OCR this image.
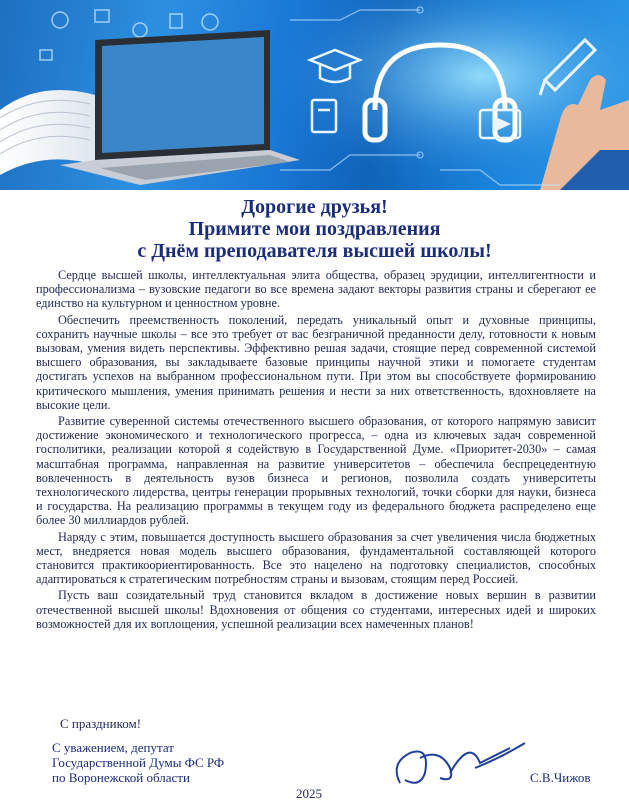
Дорогие друзья!
Примите мои поздравления
с Днём преподавателя высшей школы!

Сердце высшей школы, интеллектуальная элита общества, образец эрудиции, интеллигентности и профессионализма – вузовские педагоги во все времена задают векторы развития страны и сберегают ее единство на культурном и ценностном уровне.

Обеспечить преемственность поколений, передать уникальный опыт и духовные принципы, сохранить научные школы – все это требует от вас безграничной преданности делу, готовности к новым вызовам, умения видеть перспективы. Эффективно решая задачи, стоящие перед современной системой высшего образования, вы закладываете базовые принципы научной этики и помогаете студентам достигать успехов на выбранном профессиональном пути. При этом вы способствуете формированию критического мышления, умения принимать решения и нести за них ответственность, вдохновляете на высокие цели.

Развитие суверенной системы отечественного высшего образования, от которого напрямую зависит достижение экономического и технологического прогресса, – одна из ключевых задач современной госполитики, реализации которой я содействую в Государственной Думе. «Приоритет-2030» – самая масштабная программа, направленная на развитие университетов – обеспечила беспрецедентную вовлеченность в деятельность вузов бизнеса и регионов, позволила создать университеты технологического лидерства, центры генерации прорывных технологий, точки сборки для науки, бизнеса и государства. На реализацию программы в текущем году из федерального бюджета распределено еще более 30 миллиардов рублей.

Наряду с этим, повышается доступность высшего образования за счет увеличения числа бюджетных мест, внедряется новая модель высшего образования, фундаментальной составляющей которого становится практикоориентированность. Все это нацелено на подготовку специалистов, способных адаптироваться к стратегическим потребностям страны и вызовам, стоящим перед Россией.

Пусть ваш созидательный труд становится вкладом в достижение новых вершин в развитии отечественной высшей школы! Вдохновения от общения со студентами, интересных идей и широких возможностей для их воплощения, успешной реализации всех намеченных планов!

С праздником!
С уважением, депутат
Государственной Думы ФС РФ
по Воронежской области	С.В.Чижов
2025
